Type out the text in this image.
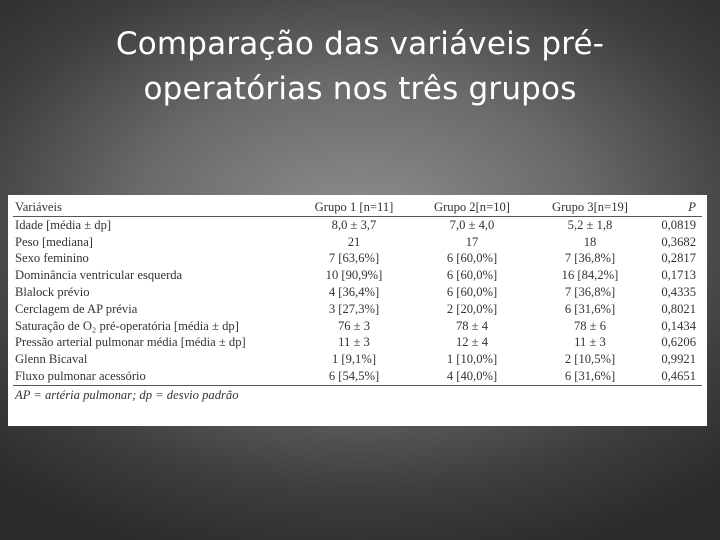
Comparação das variáveis pré-
operatórias nos três grupos
Variáveis	Grupo 1 [n=11]	Grupo 2[n=10]	Grupo 3[n=19]	P
Idade [média ± dp]	8,0 ± 3,7	7,0 ± 4,0	5,2 ± 1,8	0,0819
Peso [mediana]	21	17	18	0,3682
Sexo feminino	7 [63,6%]	6 [60,0%]	7 [36,8%]	0,2817
Dominância ventricular esquerda	10 [90,9%]	6 [60,0%]	16 [84,2%]	0,1713
Blalock prévio	4 [36,4%]	6 [60,0%]	7 [36,8%]	0,4335
Cerclagem de AP prévia	3 [27,3%]	2 [20,0%]	6 [31,6%]	0,8021
Saturação de O₂ pré-operatória [média ± dp]	76 ± 3	78 ± 4	78 ± 6	0,1434
Pressão arterial pulmonar média [média ± dp]	11 ± 3	12 ± 4	11 ± 3	0,6206
Glenn Bicaval	1 [9,1%]	1 [10,0%]	2 [10,5%]	0,9921
Fluxo pulmonar acessório	6 [54,5%]	4 [40,0%]	6 [31,6%]	0,4651
AP = artéria pulmonar; dp = desvio padrão
